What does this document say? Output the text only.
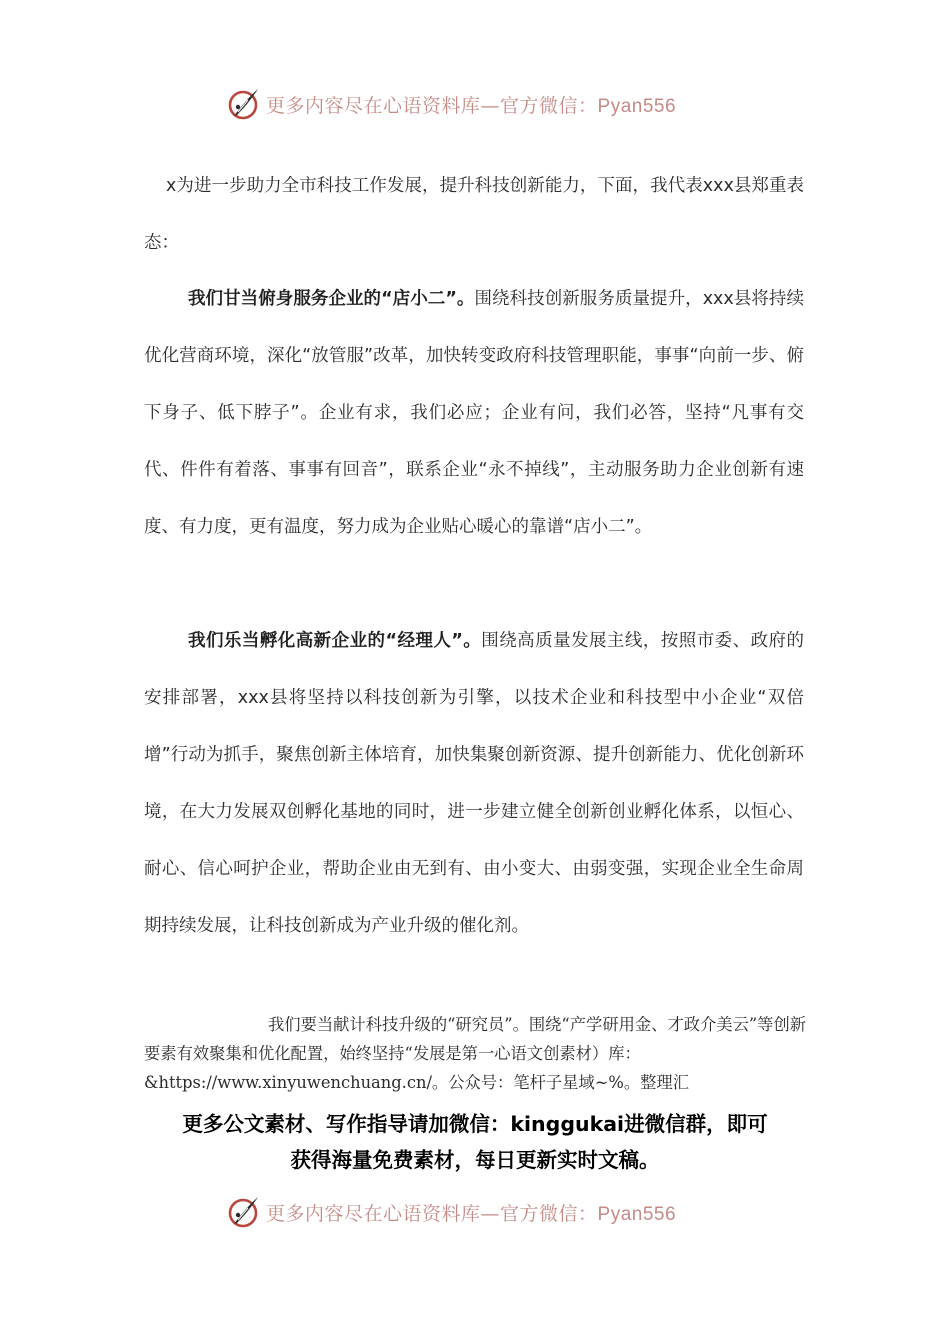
更多内容尽在心语资料库—官方微信：Pyan556

x为进一步助力全市科技工作发展，提升科技创新能力，下面，我代表xxx县郑重表态：

我们甘当俯身服务企业的“店小二”。围绕科技创新服务质量提升，xxx县将持续优化营商环境，深化“放管服”改革，加快转变政府科技管理职能，事事“向前一步、俯下身子、低下脖子”。企业有求，我们必应；企业有问，我们必答，坚持“凡事有交代、件件有着落、事事有回音”，联系企业“永不掉线”，主动服务助力企业创新有速度、有力度，更有温度，努力成为企业贴心暖心的靠谱“店小二”。

我们乐当孵化高新企业的“经理人”。围绕高质量发展主线，按照市委、政府的安排部署，xxx县将坚持以科技创新为引擎，以技术企业和科技型中小企业“双倍增”行动为抓手，聚焦创新主体培育，加快集聚创新资源、提升创新能力、优化创新环境，在大力发展双创孵化基地的同时，进一步建立健全创新创业孵化体系，以恒心、耐心、信心呵护企业，帮助企业由无到有、由小变大、由弱变强，实现企业全生命周期持续发展，让科技创新成为产业升级的催化剂。

我们要当献计科技升级的“研究员”。围绕“产学研用金、才政介美云”等创新要素有效聚集和优化配置，始终坚持“发展是第一心语文创素材）库：&https://www.xinyuwenchuang.cn/。公众号：笔杆子星域~%。整理汇

更多公文素材、写作指导请加微信：kinggukai进微信群，即可
获得海量免费素材，每日更新实时文稿。
更多内容尽在心语资料库—官方微信：Pyan556
